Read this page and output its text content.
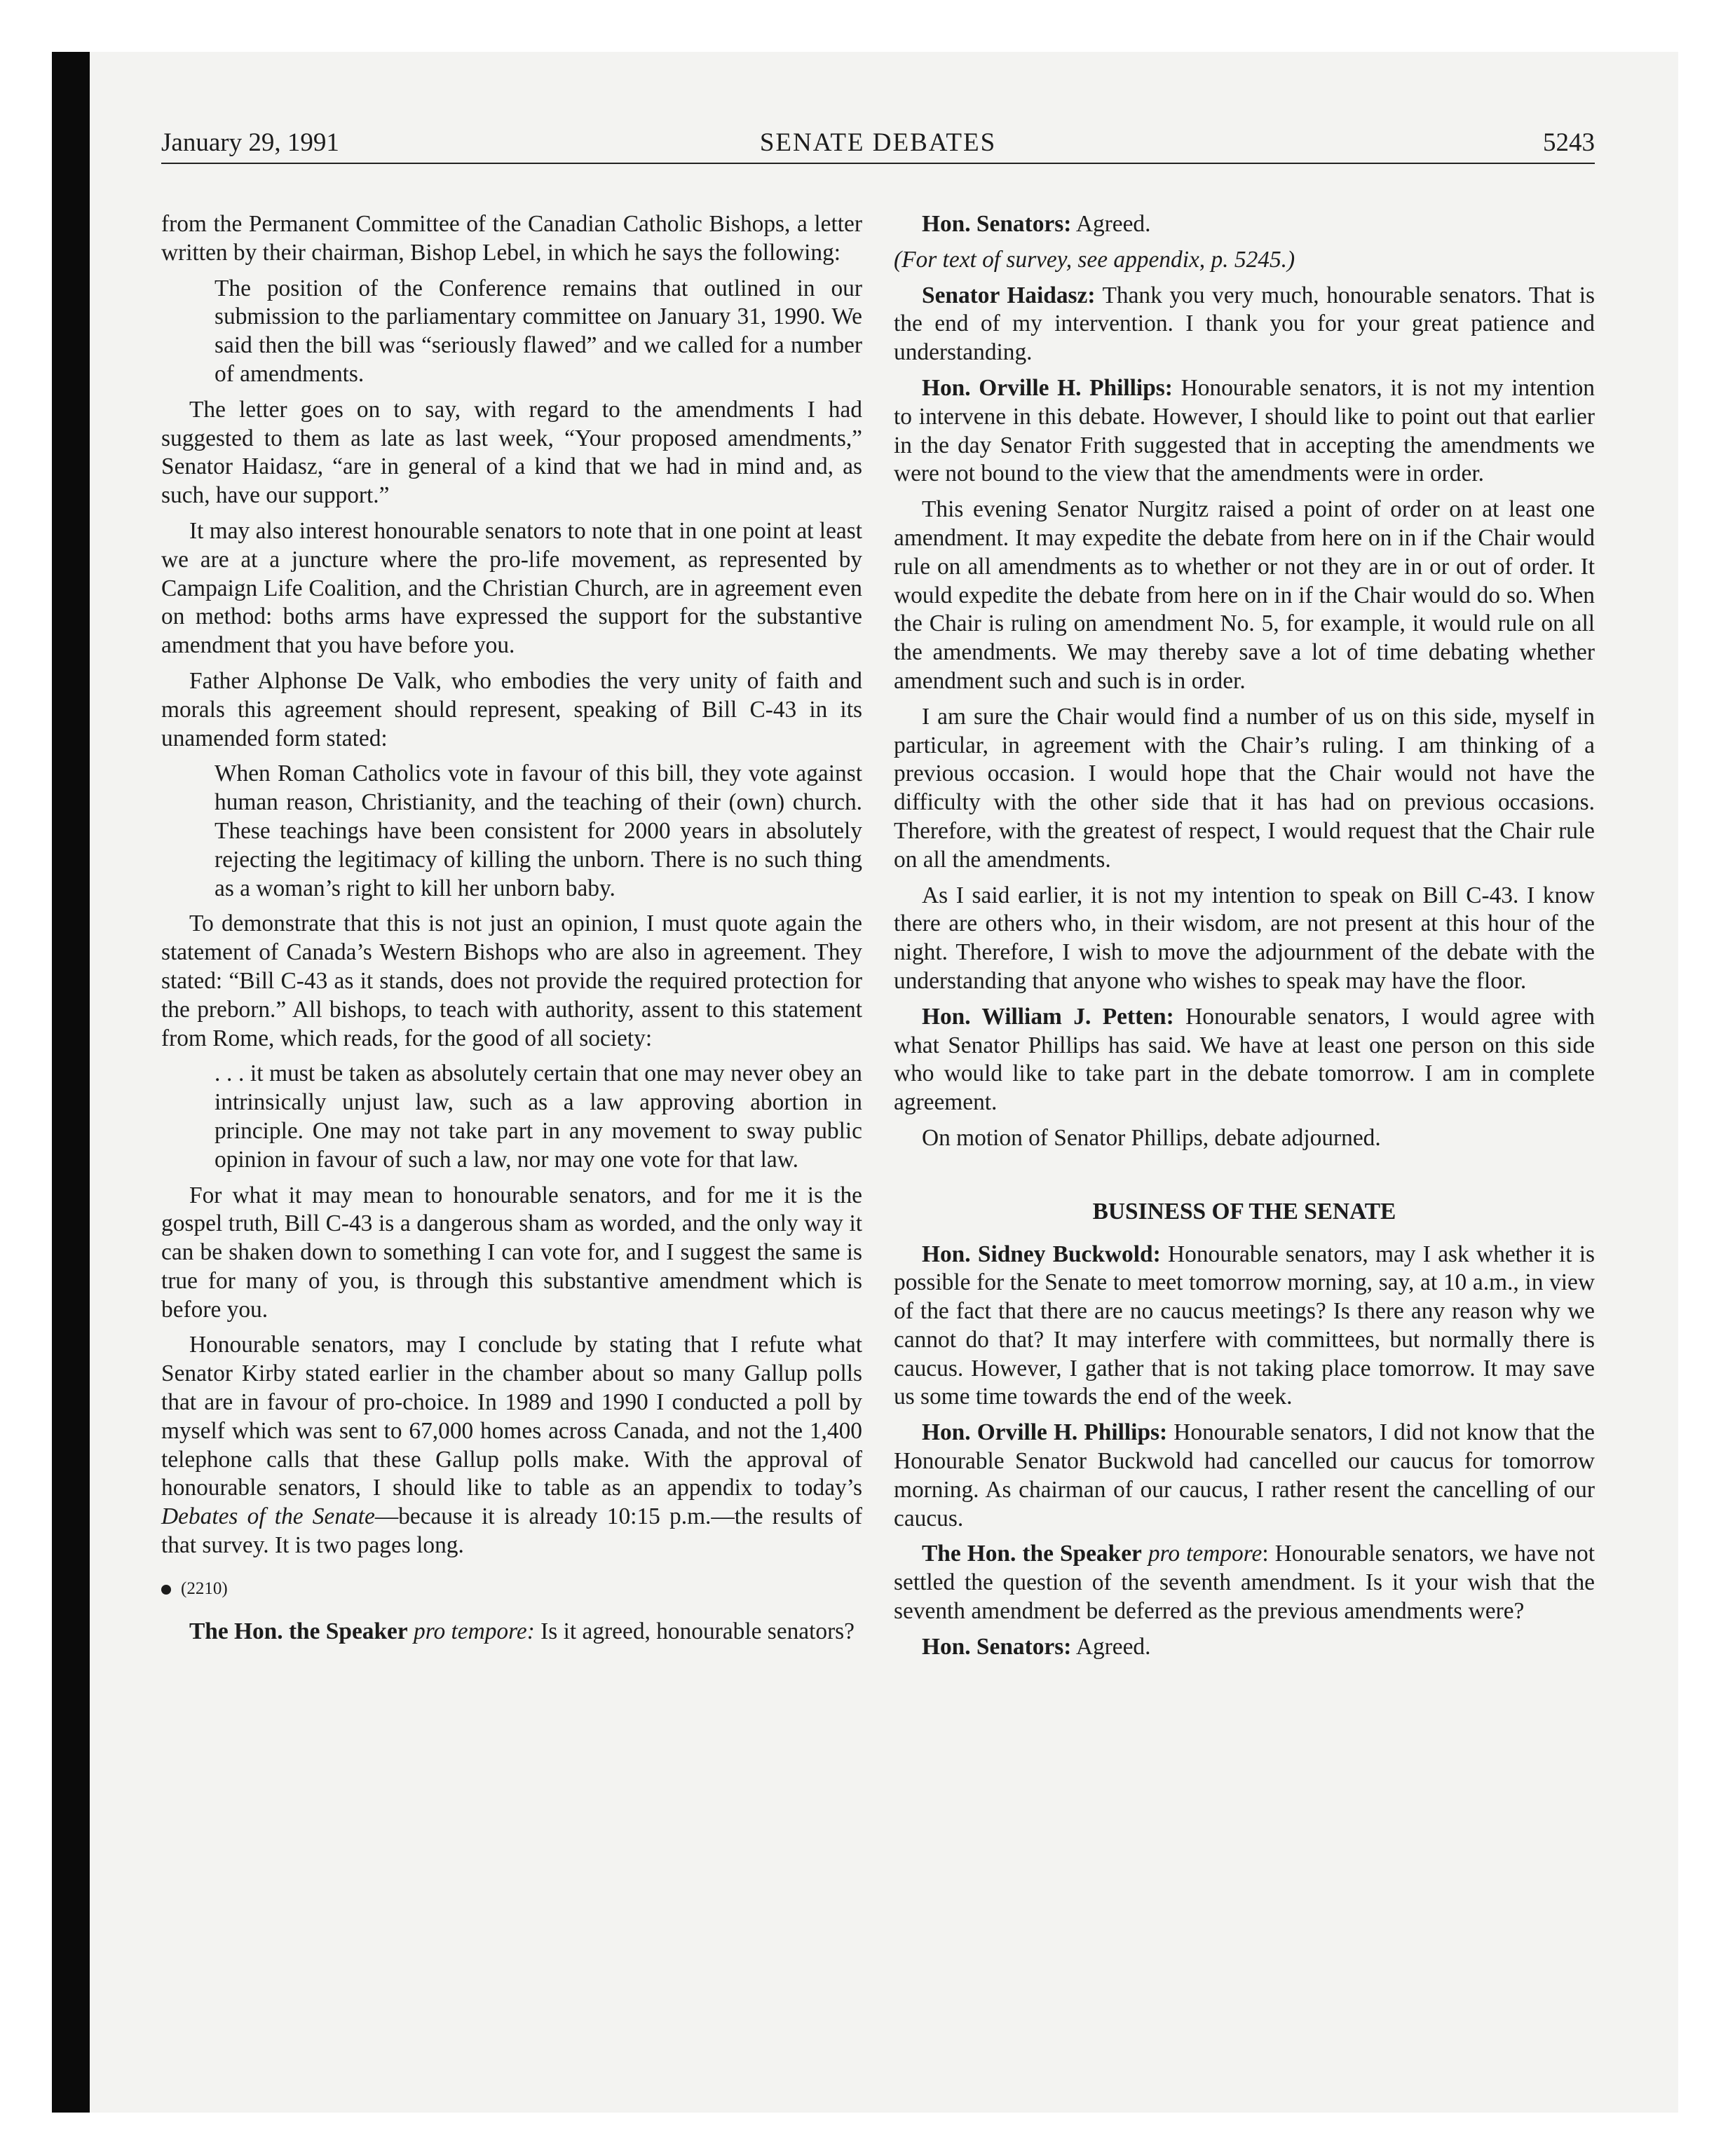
January 29, 1991	SENATE DEBATES	5243

from the Permanent Committee of the Canadian Catholic Bishops, a letter written by their chairman, Bishop Lebel, in which he says the following:

The position of the Conference remains that outlined in our submission to the parliamentary committee on January 31, 1990. We said then the bill was “seriously flawed” and we called for a number of amendments.

The letter goes on to say, with regard to the amendments I had suggested to them as late as last week, “Your proposed amendments,” Senator Haidasz, “are in general of a kind that we had in mind and, as such, have our support.”

It may also interest honourable senators to note that in one point at least we are at a juncture where the pro-life movement, as represented by Campaign Life Coalition, and the Christian Church, are in agreement even on method: boths arms have expressed the support for the substantive amendment that you have before you.

Father Alphonse De Valk, who embodies the very unity of faith and morals this agreement should represent, speaking of Bill C-43 in its unamended form stated:

When Roman Catholics vote in favour of this bill, they vote against human reason, Christianity, and the teaching of their (own) church. These teachings have been consistent for 2000 years in absolutely rejecting the legitimacy of killing the unborn. There is no such thing as a woman’s right to kill her unborn baby.

To demonstrate that this is not just an opinion, I must quote again the statement of Canada’s Western Bishops who are also in agreement. They stated: “Bill C-43 as it stands, does not provide the required protection for the preborn.” All bishops, to teach with authority, assent to this statement from Rome, which reads, for the good of all society:

. . . it must be taken as absolutely certain that one may never obey an intrinsically unjust law, such as a law approving abortion in principle. One may not take part in any movement to sway public opinion in favour of such a law, nor may one vote for that law.

For what it may mean to honourable senators, and for me it is the gospel truth, Bill C-43 is a dangerous sham as worded, and the only way it can be shaken down to something I can vote for, and I suggest the same is true for many of you, is through this substantive amendment which is before you.

Honourable senators, may I conclude by stating that I refute what Senator Kirby stated earlier in the chamber about so many Gallup polls that are in favour of pro-choice. In 1989 and 1990 I conducted a poll by myself which was sent to 67,000 homes across Canada, and not the 1,400 telephone calls that these Gallup polls make. With the approval of honourable senators, I should like to table as an appendix to today’s Debates of the Senate—because it is already 10:15 p.m.—the results of that survey. It is two pages long.

(2210)

The Hon. the Speaker pro tempore: Is it agreed, honourable senators?

Hon. Senators: Agreed.

(For text of survey, see appendix, p. 5245.)

Senator Haidasz: Thank you very much, honourable senators. That is the end of my intervention. I thank you for your great patience and understanding.

Hon. Orville H. Phillips: Honourable senators, it is not my intention to intervene in this debate. However, I should like to point out that earlier in the day Senator Frith suggested that in accepting the amendments we were not bound to the view that the amendments were in order.

This evening Senator Nurgitz raised a point of order on at least one amendment. It may expedite the debate from here on in if the Chair would rule on all amendments as to whether or not they are in or out of order. It would expedite the debate from here on in if the Chair would do so. When the Chair is ruling on amendment No. 5, for example, it would rule on all the amendments. We may thereby save a lot of time debating whether amendment such and such is in order.

I am sure the Chair would find a number of us on this side, myself in particular, in agreement with the Chair’s ruling. I am thinking of a previous occasion. I would hope that the Chair would not have the difficulty with the other side that it has had on previous occasions. Therefore, with the greatest of respect, I would request that the Chair rule on all the amendments.

As I said earlier, it is not my intention to speak on Bill C-43. I know there are others who, in their wisdom, are not present at this hour of the night. Therefore, I wish to move the adjournment of the debate with the understanding that anyone who wishes to speak may have the floor.

Hon. William J. Petten: Honourable senators, I would agree with what Senator Phillips has said. We have at least one person on this side who would like to take part in the debate tomorrow. I am in complete agreement.

On motion of Senator Phillips, debate adjourned.

BUSINESS OF THE SENATE

Hon. Sidney Buckwold: Honourable senators, may I ask whether it is possible for the Senate to meet tomorrow morning, say, at 10 a.m., in view of the fact that there are no caucus meetings? Is there any reason why we cannot do that? It may interfere with committees, but normally there is caucus. However, I gather that is not taking place tomorrow. It may save us some time towards the end of the week.

Hon. Orville H. Phillips: Honourable senators, I did not know that the Honourable Senator Buckwold had cancelled our caucus for tomorrow morning. As chairman of our caucus, I rather resent the cancelling of our caucus.

The Hon. the Speaker pro tempore: Honourable senators, we have not settled the question of the seventh amendment. Is it your wish that the seventh amendment be deferred as the previous amendments were?

Hon. Senators: Agreed.
